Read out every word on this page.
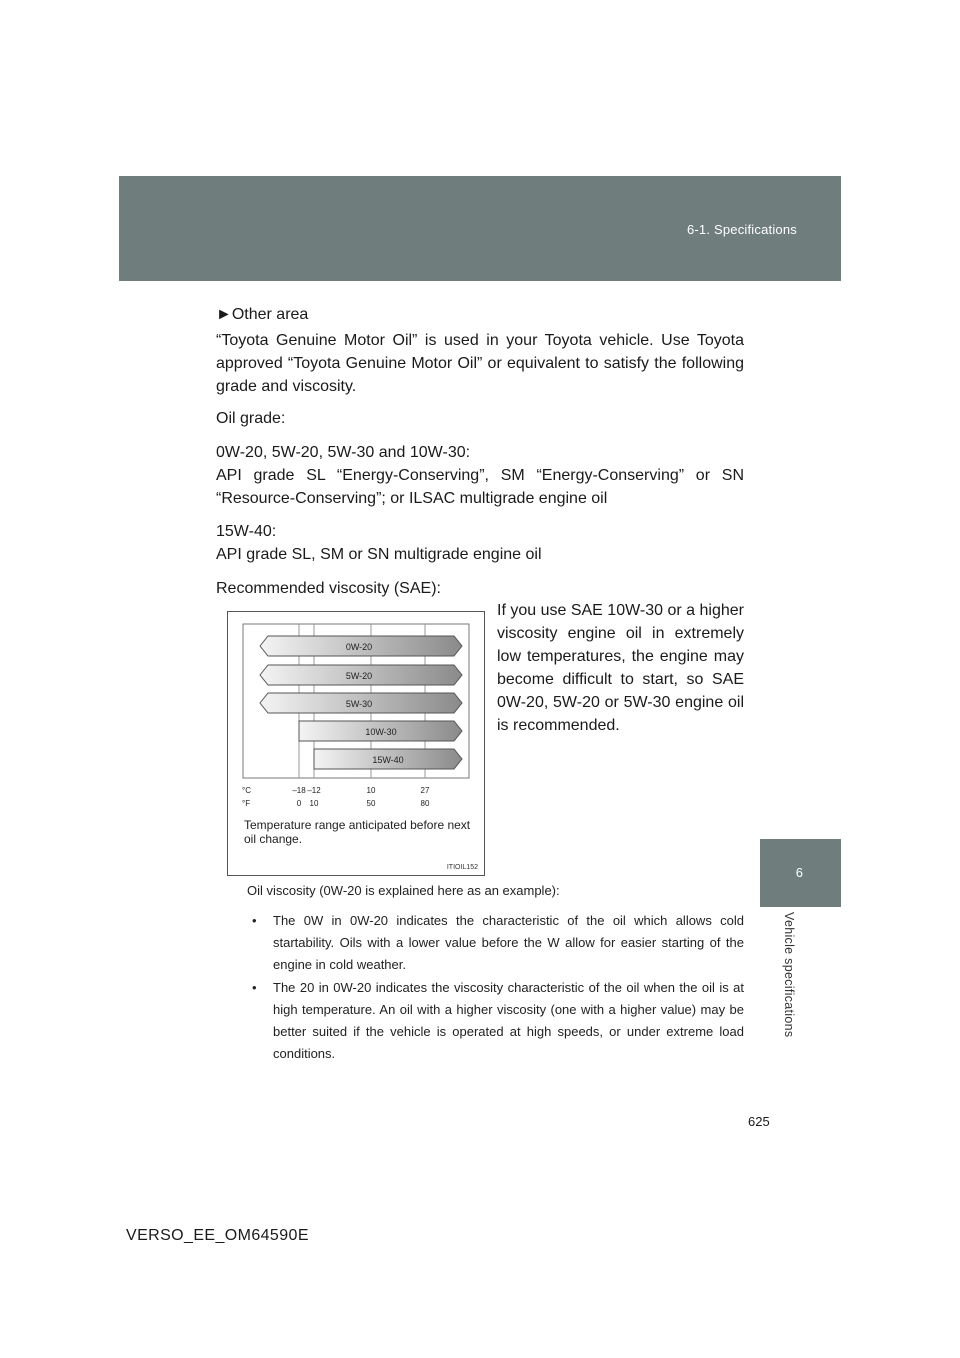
6-1. Specifications
6
Vehicle specifications
►Other area
“Toyota Genuine Motor Oil” is used in your Toyota vehicle. Use Toyota approved “Toyota Genuine Motor Oil” or equivalent to satisfy the following grade and viscosity.
Oil grade:
0W-20, 5W-20, 5W-30 and 10W-30:
API grade SL “Energy-Conserving”, SM “Energy-Conserving” or SN “Resource-Conserving”; or ILSAC multigrade engine oil
15W-40:
API grade SL, SM or SN multigrade engine oil
Recommended viscosity (SAE):
0W-20
5W-20
5W-30
10W-30
15W-40
°C
°F
–18 –12	10	27
0 10	50	80
Temperature range anticipated before next oil change.
ITIOIL152
If you use SAE 10W-30 or a higher viscosity engine oil in extremely low temperatures, the engine may become difficult to start, so SAE 0W-20, 5W-20 or 5W-30 engine oil is recommended.
Oil viscosity (0W-20 is explained here as an example):
• The 0W in 0W-20 indicates the characteristic of the oil which allows cold startability. Oils with a lower value before the W allow for easier starting of the engine in cold weather.
• The 20 in 0W-20 indicates the viscosity characteristic of the oil when the oil is at high temperature. An oil with a higher viscosity (one with a higher value) may be better suited if the vehicle is operated at high speeds, or under extreme load conditions.
625
VERSO_EE_OM64590E
